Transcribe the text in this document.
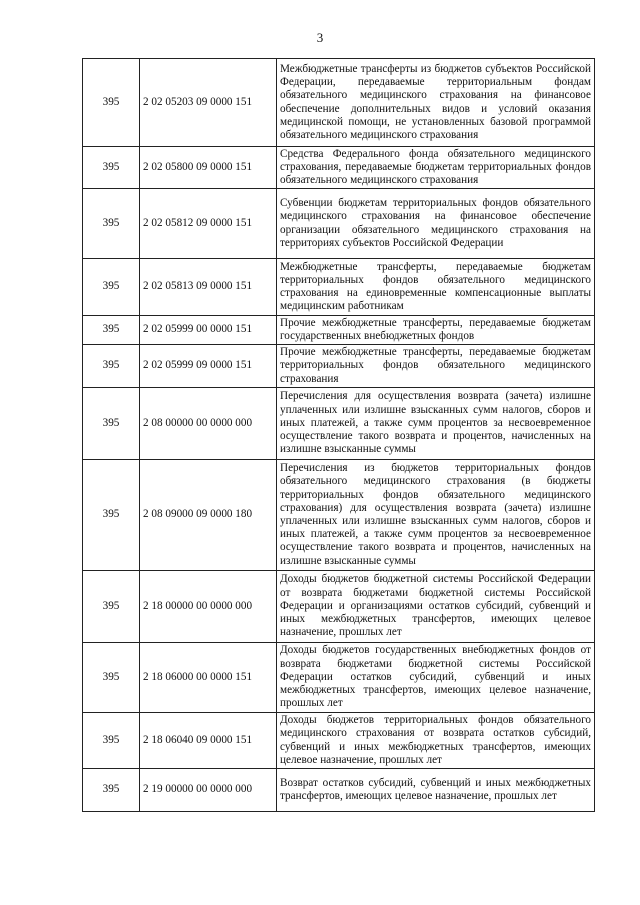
3
395	2 02 05203 09 0000 151	Межбюджетные трансферты из бюджетов субъектов Российской Федерации, передаваемые территориальным фондам обязательного медицинского страхования на финансовое обеспечение дополнительных видов и условий оказания медицинской помощи, не установленных базовой программой обязательного медицинского страхования
395	2 02 05800 09 0000 151	Средства Федерального фонда обязательного медицинского страхования, передаваемые бюджетам территориальных фондов обязательного медицинского страхования
395	2 02 05812 09 0000 151	Субвенции бюджетам территориальных фондов обязательного медицинского страхования на финансовое обеспечение организации обязательного медицинского страхования на территориях субъектов Российской Федерации
395	2 02 05813 09 0000 151	Межбюджетные трансферты, передаваемые бюджетам территориальных фондов обязательного медицинского страхования на единовременные компенсационные выплаты медицинским работникам
395	2 02 05999 00 0000 151	Прочие межбюджетные трансферты, передаваемые бюджетам государственных внебюджетных фондов
395	2 02 05999 09 0000 151	Прочие межбюджетные трансферты, передаваемые бюджетам территориальных фондов обязательного медицинского страхования
395	2 08 00000 00 0000 000	Перечисления для осуществления возврата (зачета) излишне уплаченных или излишне взысканных сумм налогов, сборов и иных платежей, а также сумм процентов за несвоевременное осуществление такого возврата и процентов, начисленных на излишне взысканные суммы
395	2 08 09000 09 0000 180	Перечисления из бюджетов территориальных фондов обязательного медицинского страхования (в бюджеты территориальных фондов обязательного медицинского страхования) для осуществления возврата (зачета) излишне уплаченных или излишне взысканных сумм налогов, сборов и иных платежей, а также сумм процентов за несвоевременное осуществление такого возврата и процентов, начисленных на излишне взысканные суммы
395	2 18 00000 00 0000 000	Доходы бюджетов бюджетной системы Российской Федерации от возврата бюджетами бюджетной системы Российской Федерации и организациями остатков субсидий, субвенций и иных межбюджетных трансфертов, имеющих целевое назначение, прошлых лет
395	2 18 06000 00 0000 151	Доходы бюджетов государственных внебюджетных фондов от возврата бюджетами бюджетной системы Российской Федерации остатков субсидий, субвенций и иных межбюджетных трансфертов, имеющих целевое назначение, прошлых лет
395	2 18 06040 09 0000 151	Доходы бюджетов территориальных фондов обязательного медицинского страхования от возврата остатков субсидий, субвенций и иных межбюджетных трансфертов, имеющих целевое назначение, прошлых лет
395	2 19 00000 00 0000 000	Возврат остатков субсидий, субвенций и иных межбюджетных трансфертов, имеющих целевое назначение, прошлых лет
